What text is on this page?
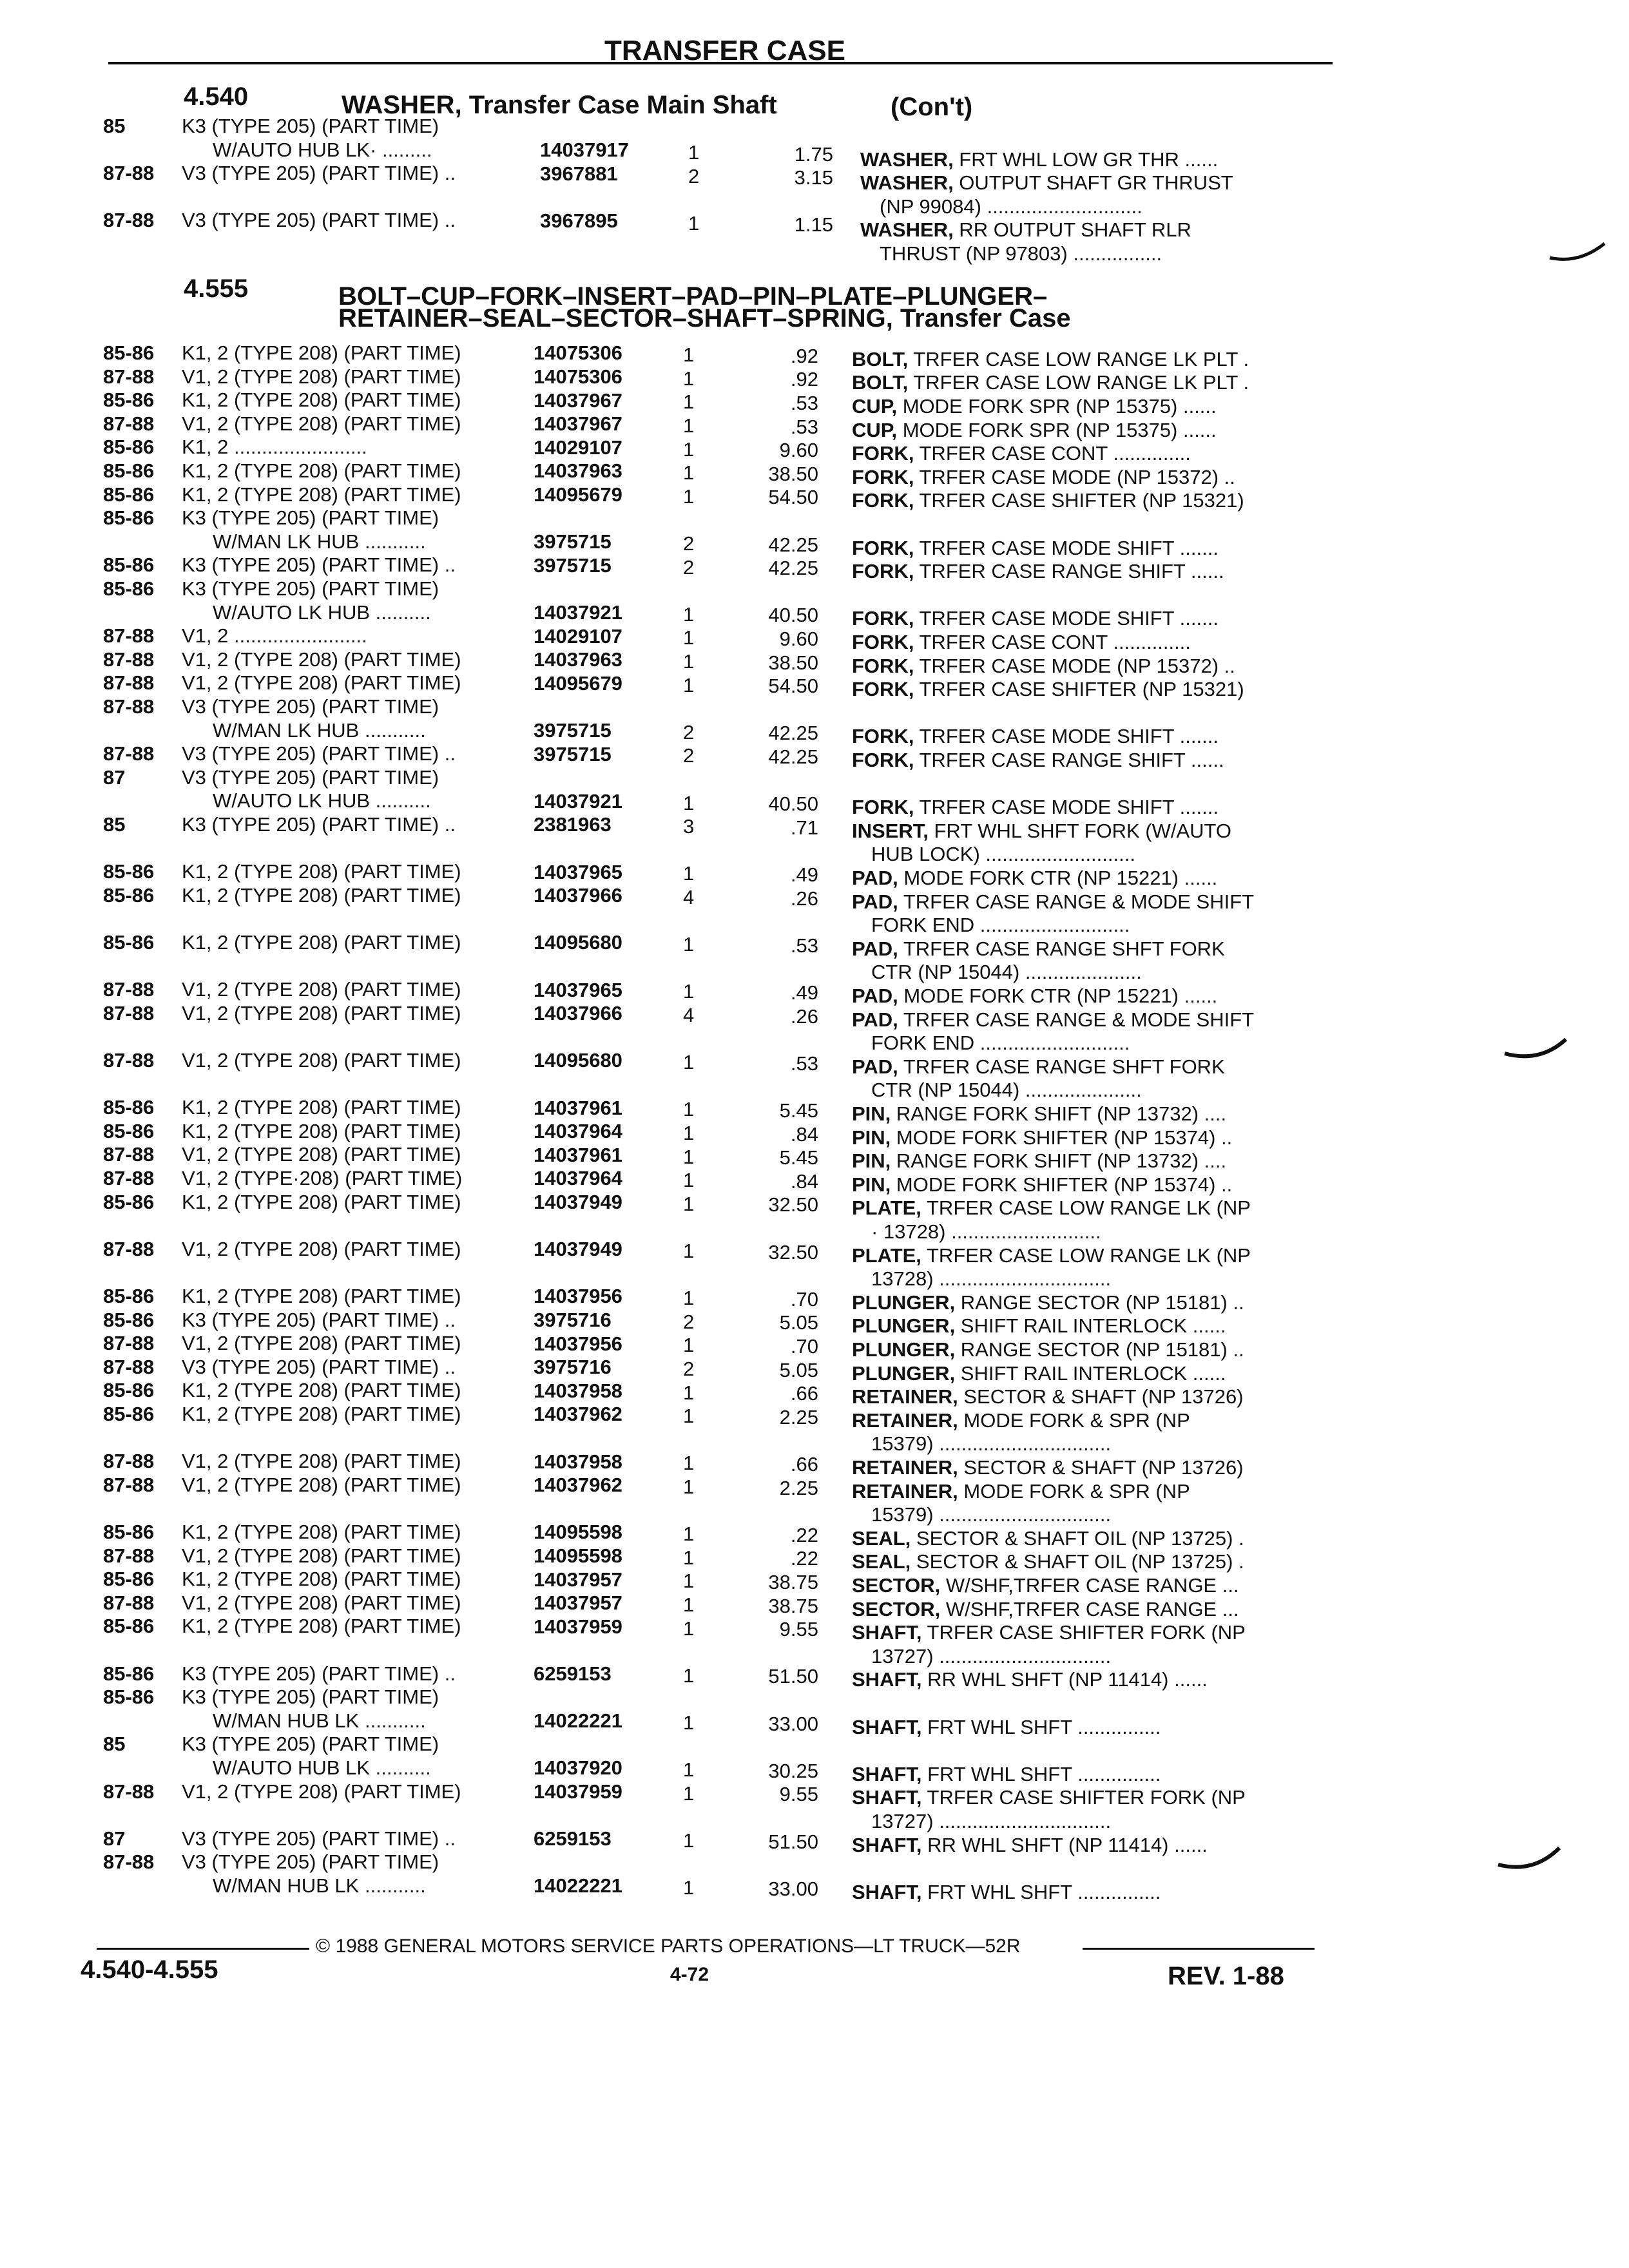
TRANSFER CASE
4.540	WASHER, Transfer Case Main Shaft	(Con't)
85	K3 (TYPE 205) (PART TIME)
W/AUTO HUB LK· .........	14037917	1	1.75 WASHER, FRT WHL LOW GR THR ......
87-88 V3 (TYPE 205) (PART TIME) ..	3967881	2	3.15 WASHER, OUTPUT SHAFT GR THRUST
(NP 99084) ............................
87-88 V3 (TYPE 205) (PART TIME) ..	3967895	1	1.15 WASHER, RR OUTPUT SHAFT RLR
THRUST (NP 97803) ................
4.555	BOLT–CUP–FORK–INSERT–PAD–PIN–PLATE–PLUNGER–
RETAINER–SEAL–SECTOR–SHAFT–SPRING, Transfer Case
85-86 K1, 2 (TYPE 208) (PART TIME)	14075306	1	.92 BOLT, TRFER CASE LOW RANGE LK PLT .
87-88 V1, 2 (TYPE 208) (PART TIME)	14075306	1	.92 BOLT, TRFER CASE LOW RANGE LK PLT .
85-86 K1, 2 (TYPE 208) (PART TIME)	14037967	1	.53 CUP, MODE FORK SPR (NP 15375) ......
87-88 V1, 2 (TYPE 208) (PART TIME)	14037967	1	.53 CUP, MODE FORK SPR (NP 15375) ......
85-86 K1, 2 ........................	14029107	1	9.60 FORK, TRFER CASE CONT ..............
85-86 K1, 2 (TYPE 208) (PART TIME)	14037963	1	38.50 FORK, TRFER CASE MODE (NP 15372) ..
85-86 K1, 2 (TYPE 208) (PART TIME)	14095679	1	54.50 FORK, TRFER CASE SHIFTER (NP 15321)
85-86 K3 (TYPE 205) (PART TIME)
W/MAN LK HUB ...........	3975715	2	42.25 FORK, TRFER CASE MODE SHIFT .......
85-86 K3 (TYPE 205) (PART TIME) ..	3975715	2	42.25 FORK, TRFER CASE RANGE SHIFT ......
85-86 K3 (TYPE 205) (PART TIME)
W/AUTO LK HUB ..........	14037921	1	40.50 FORK, TRFER CASE MODE SHIFT .......
87-88 V1, 2 ........................	14029107	1	9.60 FORK, TRFER CASE CONT ..............
87-88 V1, 2 (TYPE 208) (PART TIME)	14037963	1	38.50 FORK, TRFER CASE MODE (NP 15372) ..
87-88 V1, 2 (TYPE 208) (PART TIME)	14095679	1	54.50 FORK, TRFER CASE SHIFTER (NP 15321)
87-88 V3 (TYPE 205) (PART TIME)
W/MAN LK HUB ...........	3975715	2	42.25 FORK, TRFER CASE MODE SHIFT .......
87-88 V3 (TYPE 205) (PART TIME) ..	3975715	2	42.25 FORK, TRFER CASE RANGE SHIFT ......
87	V3 (TYPE 205) (PART TIME)
W/AUTO LK HUB ..........	14037921	1	40.50 FORK, TRFER CASE MODE SHIFT .......
85	K3 (TYPE 205) (PART TIME) ..	2381963	3	.71 INSERT, FRT WHL SHFT FORK (W/AUTO
HUB LOCK) ...........................
85-86 K1, 2 (TYPE 208) (PART TIME)	14037965	1	.49 PAD, MODE FORK CTR (NP 15221) ......
85-86 K1, 2 (TYPE 208) (PART TIME)	14037966	4	.26 PAD, TRFER CASE RANGE & MODE SHIFT
FORK END ...........................
85-86 K1, 2 (TYPE 208) (PART TIME)	14095680	1	.53 PAD, TRFER CASE RANGE SHFT FORK
CTR (NP 15044) .....................
87-88 V1, 2 (TYPE 208) (PART TIME)	14037965	1	.49 PAD, MODE FORK CTR (NP 15221) ......
87-88 V1, 2 (TYPE 208) (PART TIME)	14037966	4	.26 PAD, TRFER CASE RANGE & MODE SHIFT
FORK END ...........................
87-88 V1, 2 (TYPE 208) (PART TIME)	14095680	1	.53 PAD, TRFER CASE RANGE SHFT FORK
CTR (NP 15044) .....................
85-86 K1, 2 (TYPE 208) (PART TIME)	14037961	1	5.45 PIN, RANGE FORK SHIFT (NP 13732) ....
85-86 K1, 2 (TYPE 208) (PART TIME)	14037964	1	.84 PIN, MODE FORK SHIFTER (NP 15374) ..
87-88 V1, 2 (TYPE 208) (PART TIME)	14037961	1	5.45 PIN, RANGE FORK SHIFT (NP 13732) ....
87-88 V1, 2 (TYPE·208) (PART TIME)	14037964	1	.84 PIN, MODE FORK SHIFTER (NP 15374) ..
85-86 K1, 2 (TYPE 208) (PART TIME)	14037949	1	32.50 PLATE, TRFER CASE LOW RANGE LK (NP
· 13728) ...........................
87-88 V1, 2 (TYPE 208) (PART TIME)	14037949	1	32.50 PLATE, TRFER CASE LOW RANGE LK (NP
13728) ...............................
85-86 K1, 2 (TYPE 208) (PART TIME)	14037956	1	.70 PLUNGER, RANGE SECTOR (NP 15181) ..
85-86 K3 (TYPE 205) (PART TIME) ..	3975716	2	5.05 PLUNGER, SHIFT RAIL INTERLOCK ......
87-88 V1, 2 (TYPE 208) (PART TIME)	14037956	1	.70 PLUNGER, RANGE SECTOR (NP 15181) ..
87-88 V3 (TYPE 205) (PART TIME) ..	3975716	2	5.05 PLUNGER, SHIFT RAIL INTERLOCK ......
85-86 K1, 2 (TYPE 208) (PART TIME)	14037958	1	.66 RETAINER, SECTOR & SHAFT (NP 13726)
85-86 K1, 2 (TYPE 208) (PART TIME)	14037962	1	2.25 RETAINER, MODE FORK & SPR (NP
15379) ...............................
87-88 V1, 2 (TYPE 208) (PART TIME)	14037958	1	.66 RETAINER, SECTOR & SHAFT (NP 13726)
87-88 V1, 2 (TYPE 208) (PART TIME)	14037962	1	2.25 RETAINER, MODE FORK & SPR (NP
15379) ...............................
85-86 K1, 2 (TYPE 208) (PART TIME)	14095598	1	.22 SEAL, SECTOR & SHAFT OIL (NP 13725) .
87-88 V1, 2 (TYPE 208) (PART TIME)	14095598	1	.22 SEAL, SECTOR & SHAFT OIL (NP 13725) .
85-86 K1, 2 (TYPE 208) (PART TIME)	14037957	1	38.75 SECTOR, W/SHF,TRFER CASE RANGE ...
87-88 V1, 2 (TYPE 208) (PART TIME)	14037957	1	38.75 SECTOR, W/SHF,TRFER CASE RANGE ...
85-86 K1, 2 (TYPE 208) (PART TIME)	14037959	1	9.55 SHAFT, TRFER CASE SHIFTER FORK (NP
13727) ...............................
85-86 K3 (TYPE 205) (PART TIME) ..	6259153	1	51.50 SHAFT, RR WHL SHFT (NP 11414) ......
85-86 K3 (TYPE 205) (PART TIME)
W/MAN HUB LK ...........	14022221	1	33.00 SHAFT, FRT WHL SHFT ...............
85	K3 (TYPE 205) (PART TIME)
W/AUTO HUB LK ..........	14037920	1	30.25 SHAFT, FRT WHL SHFT ...............
87-88 V1, 2 (TYPE 208) (PART TIME)	14037959	1	9.55 SHAFT, TRFER CASE SHIFTER FORK (NP
13727) ...............................
87	V3 (TYPE 205) (PART TIME) ..	6259153	1	51.50 SHAFT, RR WHL SHFT (NP 11414) ......
87-88 V3 (TYPE 205) (PART TIME)
W/MAN HUB LK ...........	14022221	1	33.00 SHAFT, FRT WHL SHFT ...............
© 1988 GENERAL MOTORS SERVICE PARTS OPERATIONS—LT TRUCK—52R
4.540-4.555	4-72	REV. 1-88
